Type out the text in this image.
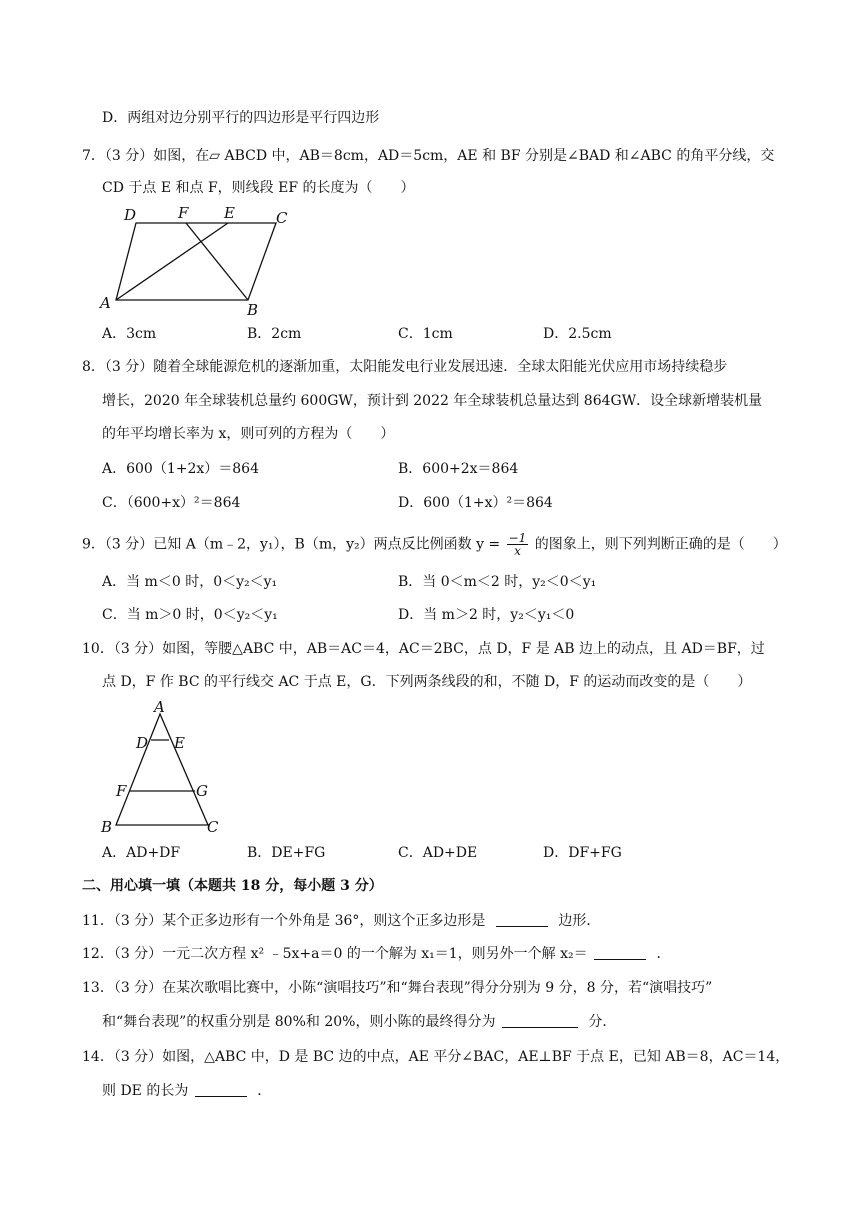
D．两组对边分别平行的四边形是平行四边形
7．（3 分）如图，在▱ ABCD 中，AB＝8cm，AD＝5cm，AE 和 BF 分别是∠BAD 和∠ABC 的角平分线，交
CD 于点 E 和点 F，则线段 EF 的长度为（　　）
D	F E	C
A	B
A．3cm	B．2cm	C．1cm	D．2.5cm
8．（3 分）随着全球能源危机的逐渐加重，太阳能发电行业发展迅速．全球太阳能光伏应用市场持续稳步
增长，2020 年全球装机总量约 600GW，预计到 2022 年全球装机总量达到 864GW．设全球新增装机量
的年平均增长率为 x，则可列的方程为（　　）
A．600（1+2x）＝864	B．600+2x＝864
C．（600+x）²＝864	D．600（1+x）²＝864
9．（3 分）已知 A（m﹣2，y₁），B（m，y₂）两点反比例函数 $y = \frac{-1}{x}$ 的图象上，则下列判断正确的是（　　）
A．当 m＜0 时，0＜y₂＜y₁	B．当 0＜m＜2 时，y₂＜0＜y₁
C．当 m＞0 时，0＜y₂＜y₁	D．当 m＞2 时，y₂＜y₁＜0
10．（3 分）如图，等腰△ABC 中，AB＝AC＝4，AC＝2BC，点 D，F 是 AB 边上的动点，且 AD＝BF，过
点 D，F 作 BC 的平行线交 AC 于点 E，G．下列两条线段的和，不随 D，F 的运动而改变的是（　　）
A
D E
F	G
B	C
A．AD+DF	B．DE+FG	C．AD+DE	D．DF+FG
二、用心填一填（本题共 18 分，每小题 3 分）
11．（3 分）某个正多边形有一个外角是 36°，则这个正多边形是	边形．
12．（3 分）一元二次方程 x² ﹣5x+a＝0 的一个解为 x₁＝1，则另外一个解 x₂＝	．
13．（3 分）在某次歌唱比赛中，小陈“演唱技巧”和“舞台表现”得分分别为 9 分，8 分，若“演唱技巧”
和“舞台表现”的权重分别是 80%和 20%，则小陈的最终得分为	分．
14．（3 分）如图，△ABC 中，D 是 BC 边的中点，AE 平分∠BAC，AE⊥BF 于点 E，已知 AB＝8，AC＝14，
则 DE 的长为	．
